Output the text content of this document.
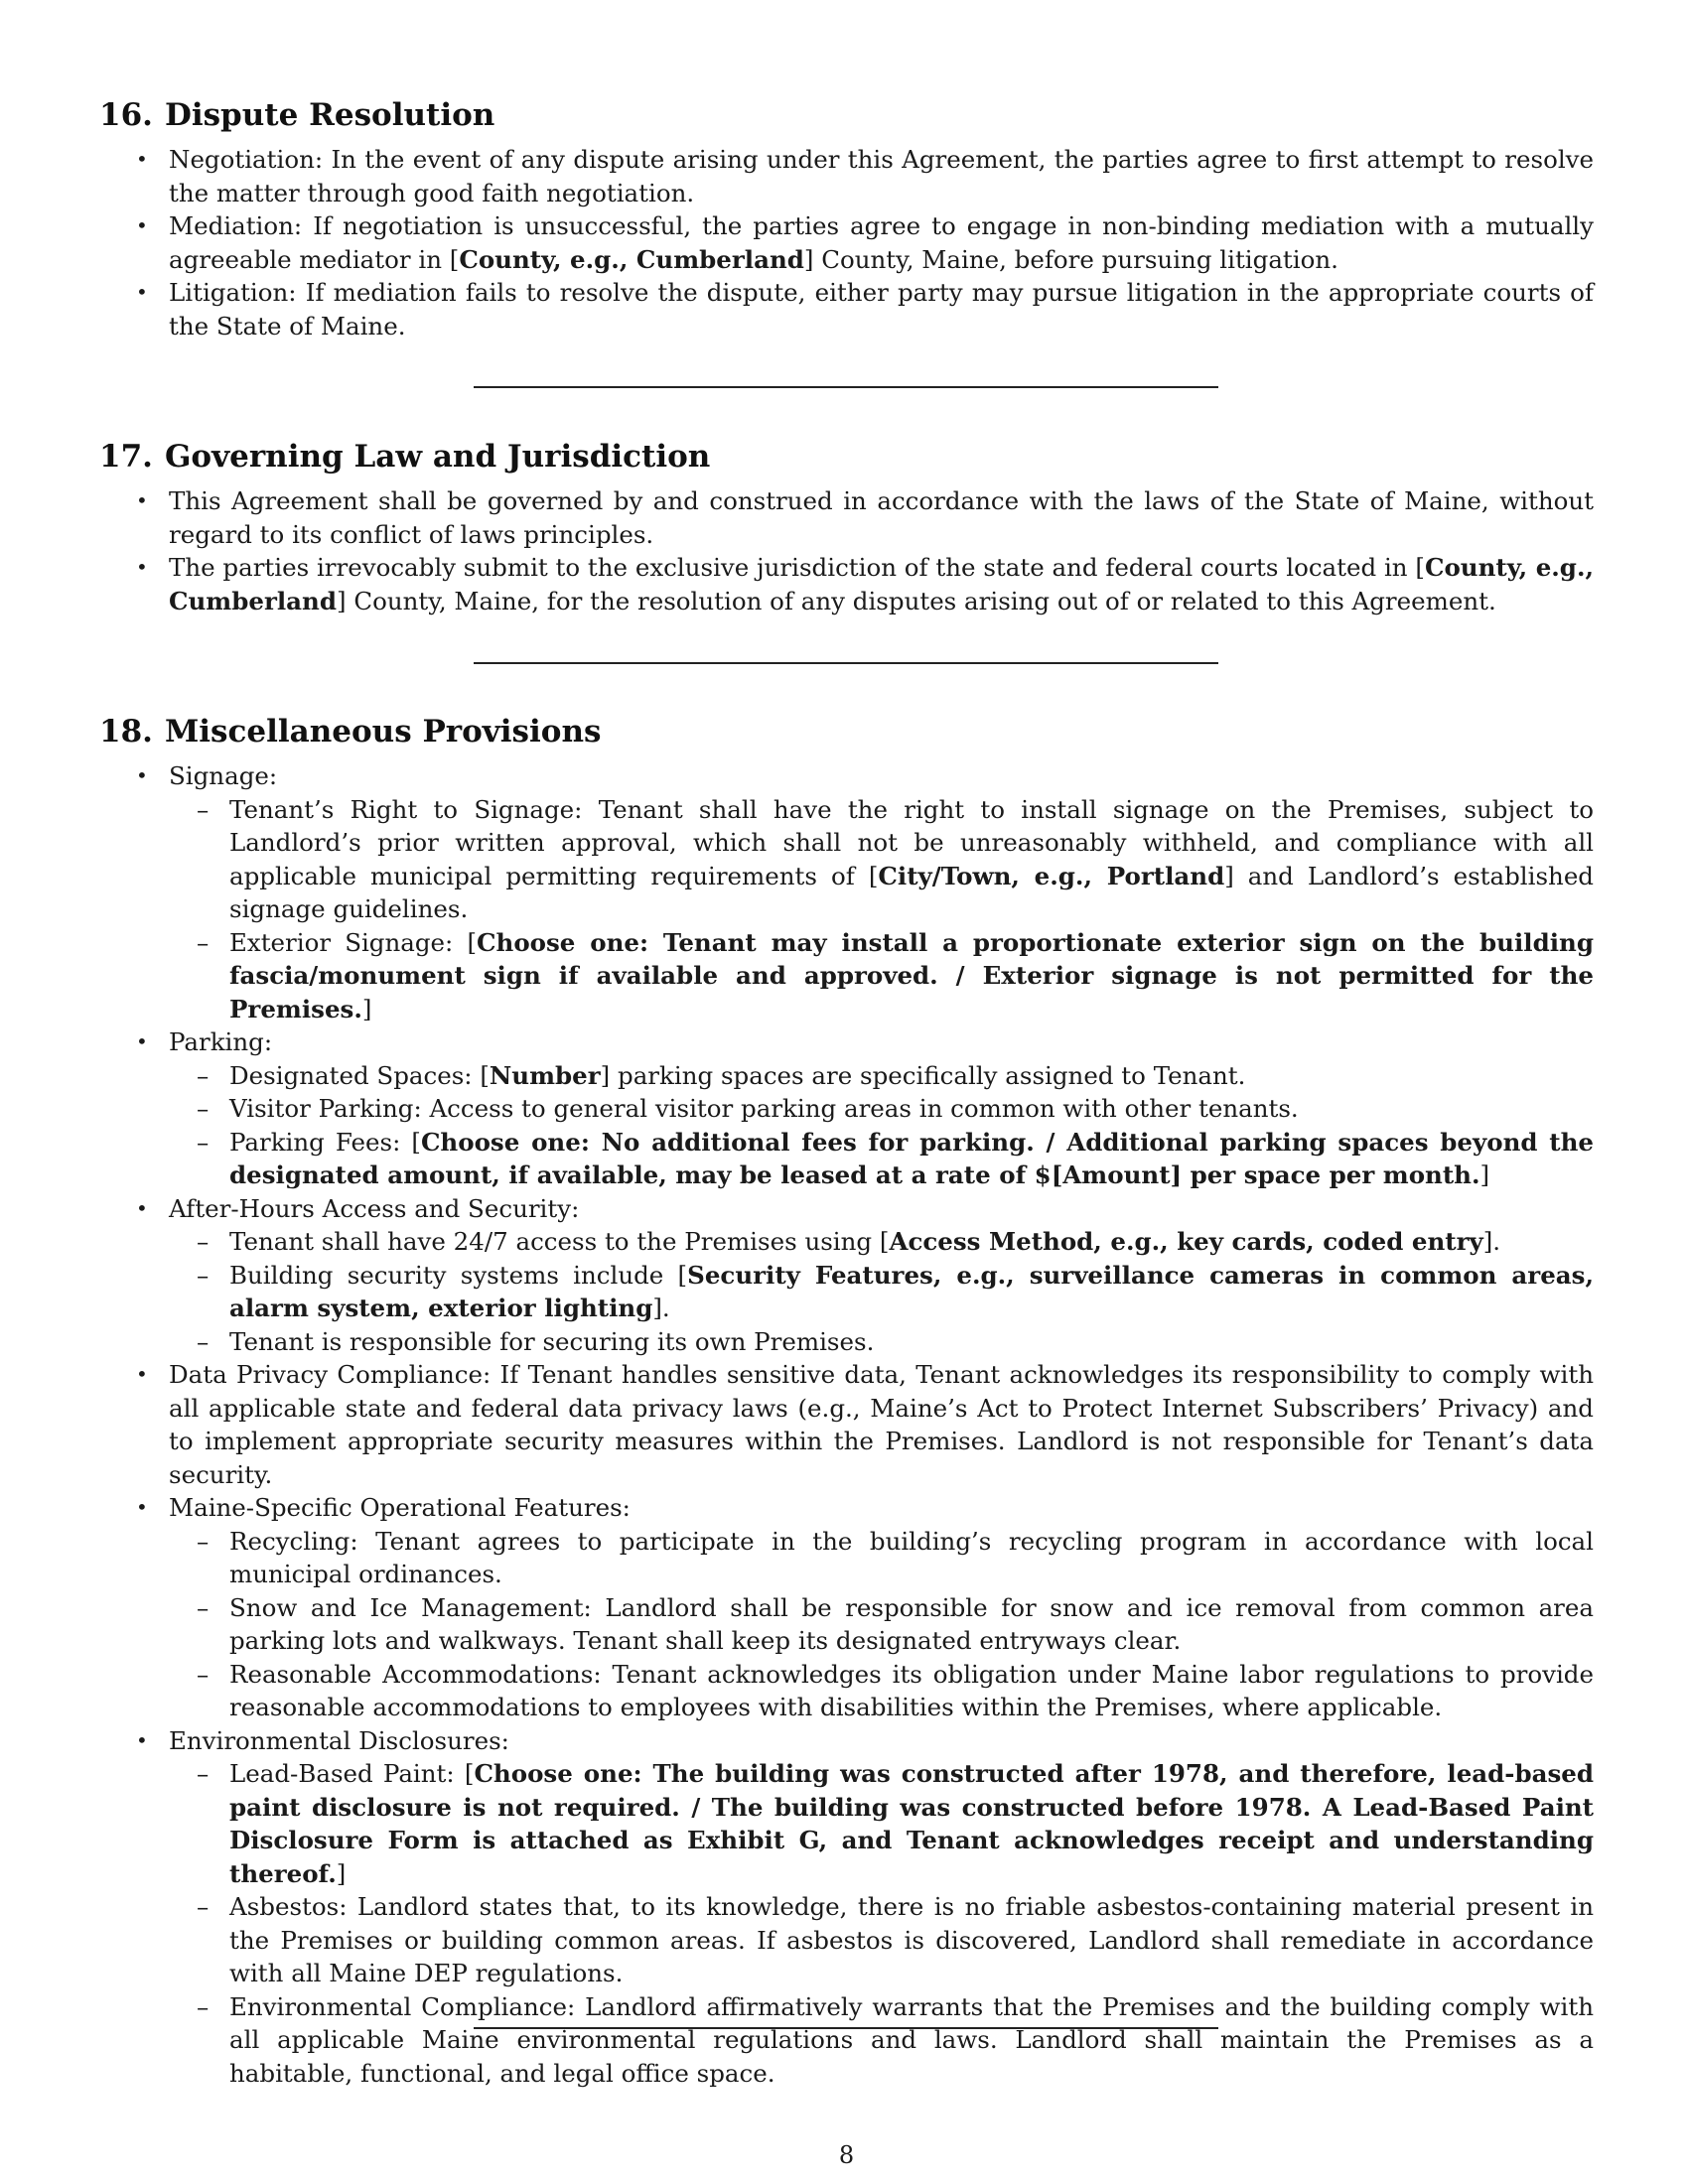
16. Dispute Resolution
• Negotiation: In the event of any dispute arising under this Agreement, the parties agree to first attempt to resolve the matter through good faith negotiation.
• Mediation: If negotiation is unsuccessful, the parties agree to engage in non-binding mediation with a mutually agreeable mediator in [County, e.g., Cumberland] County, Maine, before pursuing litigation.
• Litigation: If mediation fails to resolve the dispute, either party may pursue litigation in the appropriate courts of the State of Maine.
17. Governing Law and Jurisdiction
• This Agreement shall be governed by and construed in accordance with the laws of the State of Maine, without regard to its conflict of laws principles.
• The parties irrevocably submit to the exclusive jurisdiction of the state and federal courts located in [County, e.g., Cumberland] County, Maine, for the resolution of any disputes arising out of or related to this Agreement.
18. Miscellaneous Provisions
• Signage:
– Tenant’s Right to Signage: Tenant shall have the right to install signage on the Premises, subject to Landlord’s prior written approval, which shall not be unreasonably withheld, and compliance with all applicable municipal permitting requirements of [City/Town, e.g., Portland] and Landlord’s established signage guidelines.
– Exterior Signage: [Choose one: Tenant may install a proportionate exterior sign on the building fascia/monument sign if available and approved. / Exterior signage is not permitted for the Premises.]
• Parking:
– Designated Spaces: [Number] parking spaces are specifically assigned to Tenant.
– Visitor Parking: Access to general visitor parking areas in common with other tenants.
– Parking Fees: [Choose one: No additional fees for parking. / Additional parking spaces beyond the designated amount, if available, may be leased at a rate of $[Amount] per space per month.]
• After-Hours Access and Security:
– Tenant shall have 24/7 access to the Premises using [Access Method, e.g., key cards, coded entry].
– Building security systems include [Security Features, e.g., surveillance cameras in common areas, alarm system, exterior lighting].
– Tenant is responsible for securing its own Premises.
• Data Privacy Compliance: If Tenant handles sensitive data, Tenant acknowledges its responsibility to comply with all applicable state and federal data privacy laws (e.g., Maine’s Act to Protect Internet Subscribers’ Privacy) and to implement appropriate security measures within the Premises. Landlord is not responsible for Tenant’s data security.
• Maine-Specific Operational Features:
– Recycling: Tenant agrees to participate in the building’s recycling program in accordance with local municipal ordinances.
– Snow and Ice Management: Landlord shall be responsible for snow and ice removal from common area parking lots and walkways. Tenant shall keep its designated entryways clear.
– Reasonable Accommodations: Tenant acknowledges its obligation under Maine labor regulations to provide reasonable accommodations to employees with disabilities within the Premises, where applicable.
• Environmental Disclosures:
– Lead-Based Paint: [Choose one: The building was constructed after 1978, and therefore, lead-based paint disclosure is not required. / The building was constructed before 1978. A Lead-Based Paint Disclosure Form is attached as Exhibit G, and Tenant acknowledges receipt and understanding thereof.]
– Asbestos: Landlord states that, to its knowledge, there is no friable asbestos-containing material present in the Premises or building common areas. If asbestos is discovered, Landlord shall remediate in accordance with all Maine DEP regulations.
– Environmental Compliance: Landlord affirmatively warrants that the Premises and the building comply with all applicable Maine environmental regulations and laws. Landlord shall maintain the Premises as a habitable, functional, and legal office space.
8
